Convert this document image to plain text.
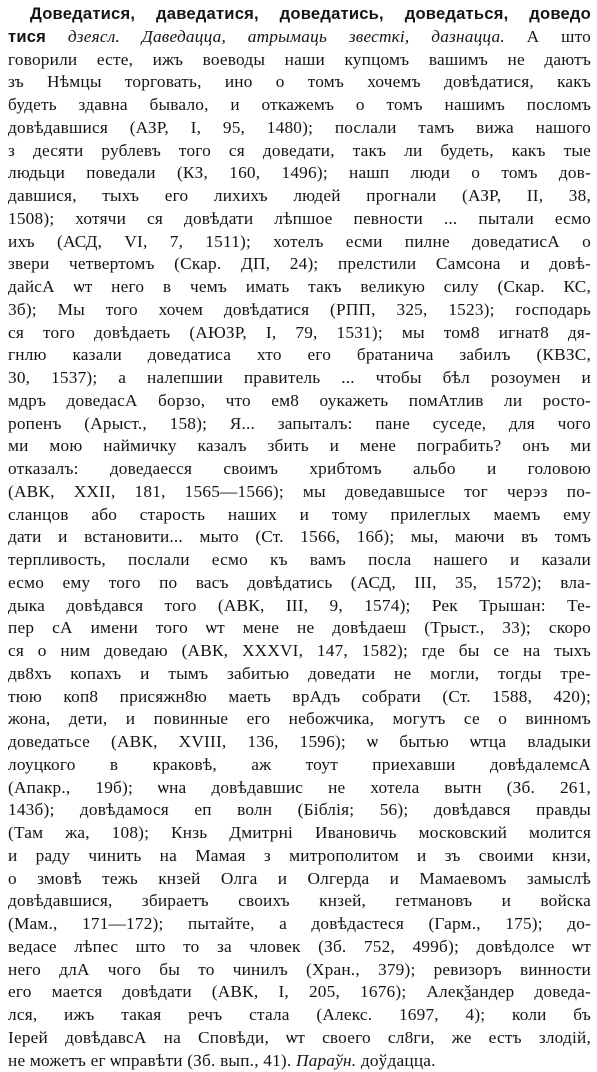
Доведатися, даведатися, доведатись, доведаться, доведо
тися дзеясл. Даведацца, атрымаць звесткі, дазнацца. А што
говорили есте, ижъ воеводы наши купцомъ вашимъ не даютъ
зъ Нѣмцы торговать, ино о томъ хочемъ довѣдатися, какъ
будеть здавна бывало, и откажемъ о томъ нашимъ посломъ
довѣдавшися (АЗР, I, 95, 1480); послали тамъ вижа нашого
з десяти рублевъ того ся доведати, такъ ли будеть, какъ тые
людьци поведали (КЗ, 160, 1496); нашп люди о томъ дов-
давшися, тыхъ его лихихъ людей прогнали (АЗР, II, 38,
1508); хотячи ся довѣдати лѣпшое певности ... пытали есмо
ихъ (АСД, VI, 7, 1511); хотелъ есми пилне доведатисА о
звери четвертомъ (Скар. ДП, 24); прелстили Самсона и довѣ-
дайсА ѡт него в чемъ имать такъ великую силу (Скар. КС,
3б); Мы того хочем довѣдатися (РПП, 325, 1523); господарь
ся того довѣдаеть (АЮЗР, I, 79, 1531); мы том8 игнат8 дя-
гнлю казали доведатиса хто его братанича забилъ (КВЗС,
30, 1537); а налепшии правитель ... чтобы бѣл розоумен и
мдръ доведасА борзо, что ем8 оукажеть помАтлив ли росто-
ропенъ (Арыст., 158); Я... запыталъ: пане суседе, для чого
ми мою наймичку казалъ збить и мене пограбить? онъ ми
отказалъ: доведаеcся своимъ хрибтомъ альбо и головою
(АВК, XXII, 181, 1565—1566); мы доведавшысе тог черэз по-
сланцов або старость наших и тому прилеглых маемъ ему
дати и встановити... мыто (Ст. 1566, 16б); мы, маючи въ томъ
терпливость, послали есмо къ вамъ посла нашего и казали
есмо ему того по васъ довѣдатись (АСД, III, 35, 1572); вла-
дыка довѣдався того (АВК, III, 9, 1574); Рек Трышан: Те-
пер сА имени того ѡт мене не довѣдаеш (Трыст., 33); скоро
ся о ним доведаю (АВК, XXXVI, 147, 1582); где бы се на тыхъ
дв8хъ копахъ и тымъ забитью доведати не могли, тогды тре-
тюю коп8 присяжн8ю маеть врАдъ собрати (Ст. 1588, 420);
жона, дети, и повинные его небожчика, могутъ се о винномъ
доведатьсе (АВК, XVIII, 136, 1596); ѡ бытью ѡтца владыки
лоуцкого в краковѣ, аж тоут приехавши довѣдалемсА
(Апакр., 19б); ѡна довѣдавшис не хотела вытн (Зб. 261,
143б); довѣдамося еп волн (Біблія; 56); довѣдався правды
(Там жа, 108); Кнзь Дмитрні Ивановичь московский молится
и раду чинить на Мамая з митрополитом и зъ своими кнзи,
о змовѣ тежь кнзей Олга и Олгерда и Мамаевомъ замыслѣ
довѣдавшися, збираетъ своихъ кнзей, гетмановъ и войска
(Мам., 171—172); пытайте, а довѣдастеся (Гарм., 175); до-
ведасе лѣпес што то за чловек (Зб. 752, 499б); довѣдолсе ѡт
него длА чого бы то чинилъ (Хран., 379); ревизоръ винности
его мается довѣдати (АВК, I, 205, 1676); Алекѯандер доведа-
лся, ижъ такая речъ стала (Алекс. 1697, 4); коли бъ
Iерей довѣдавсА на Сповѣди, ѡт своего сл8ги, же естъ злодій,
не можетъ ег ѡправѣти (Зб. вып., 41). Параўн. доўдацца.
